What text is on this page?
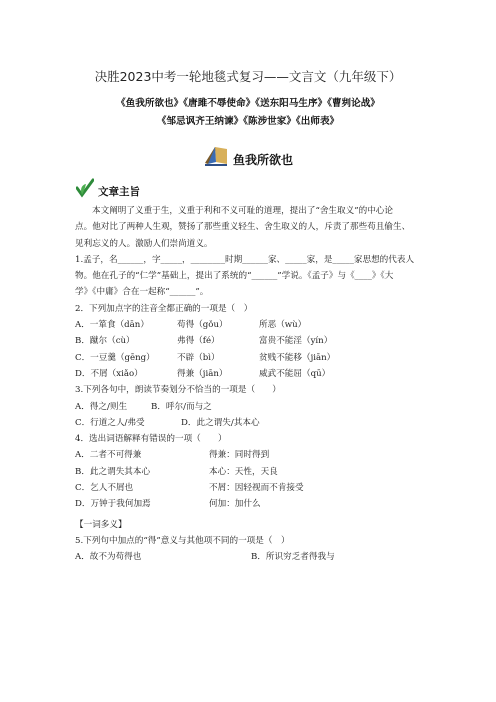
决胜2023中考一轮地毯式复习——文言文（九年级下）
《鱼我所欲也》《唐雎不辱使命》《送东阳马生序》《曹刿论战》
《邹忌讽齐王纳谏》《陈涉世家》《出师表》
鱼我所欲也
文章主旨

本文阐明了义重于生，义重于利和不义可耻的道理，提出了“舍生取义”的中心论

点。他对比了两种人生观，赞扬了那些重义轻生、舍生取义的人，斥责了那些苟且偷生、

见利忘义的人。激励人们崇尚道义。

1.孟子，名______，字_____，________时期______家、_____家，是_____家思想的代表人

物。他在孔子的“仁学”基础上，提出了系统的“______”学说。《孟子》与《____》《大

学》《中庸》合在一起称“______”。

2．下列加点字的注音全都正确的一项是（　）

A．一箪食（dān）	苟得（gǒu）	所恶（wù）
B．蹴尔（cù）	弗得（fé）	富贵不能淫（yín）
C．一豆羹（gēng）	不辟（bì）	贫贱不能移（jiān）
D．不屑（xiǎo）	得兼（jiān）	威武不能屈（qū）

3.下列各句中，朗读节奏划分不恰当的一项是（　　）

A．得之/则生	B．呼尔/而与之
C．行道之人/弗受	D．此之谓失/其本心

4．选出词语解释有错误的一项（　　）

A．二者不可得兼	得兼：同时得到
B．此之谓失其本心	本心：天性，天良
C．乞人不屑也	不屑：因轻视而不肯接受
D．万钟于我何加焉	何加：加什么

【一词多义】

5.下列句中加点的“得”意义与其他项不同的一项是（　）

A．故不为苟得也	B．所识穷乏者得我与
